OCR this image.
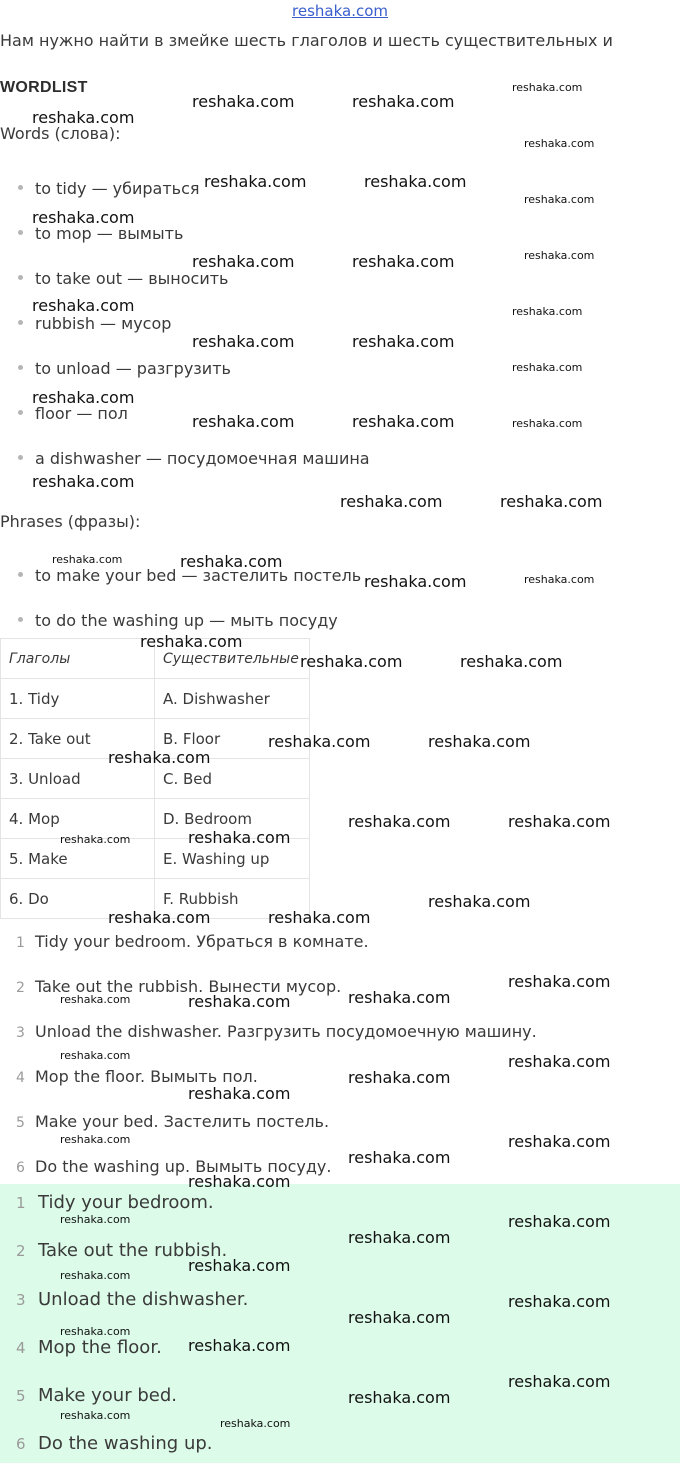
reshaka.com
Нам нужно найти в змейке шесть глаголов и шесть существительных и
WORDLIST
Words (слова):
to tidy — убираться
to mop — вымыть
to take out — выносить
rubbish — мусор
to unload — разгрузить
floor — пол
a dishwasher — посудомоечная машина
Phrases (фразы):
to make your bed — застелить постель
to do the washing up — мыть посуду
Глаголы	Существительные
1. Tidy	A. Dishwasher
2. Take out	B. Floor
3. Unload	C. Bed
4. Mop	D. Bedroom
5. Make	E. Washing up
6. Do	F. Rubbish
1 Tidy your bedroom. Убраться в комнате.
2 Take out the rubbish. Вынести мусор.
3 Unload the dishwasher. Разгрузить посудомоечную машину.
4 Mop the floor. Вымыть пол.
5 Make your bed. Застелить постель.
6 Do the washing up. Вымыть посуду.
1 Tidy your bedroom.
2 Take out the rubbish.
3 Unload the dishwasher.
4 Mop the floor.
5 Make your bed.
6 Do the washing up.
reshaka.com
reshaka.com	reshaka.com
reshaka.com
reshaka.com
reshaka.com	reshaka.com
reshaka.com
reshaka.com
reshaka.com
reshaka.com	reshaka.com
reshaka.com	reshaka.com
reshaka.com	reshaka.com
reshaka.com
reshaka.com
reshaka.com	reshaka.com	reshaka.com
reshaka.com
reshaka.com	reshaka.com
reshaka.com	reshaka.com
reshaka.com	reshaka.com
reshaka.com
reshaka.com	reshaka.com
reshaka.com	reshaka.com
reshaka.com
reshaka.com	reshaka.com
reshaka.com	reshaka.com
reshaka.com
reshaka.com	reshaka.com
reshaka.com
reshaka.com
reshaka.com	reshaka.com
reshaka.com	reshaka.com
reshaka.com
reshaka.com
reshaka.com	reshaka.com
reshaka.com
reshaka.com
reshaka.com	reshaka.com
reshaka.com
reshaka.com
reshaka.com
reshaka.com
reshaka.com
reshaka.com
reshaka.com
reshaka.com
reshaka.com
reshaka.com
reshaka.com
